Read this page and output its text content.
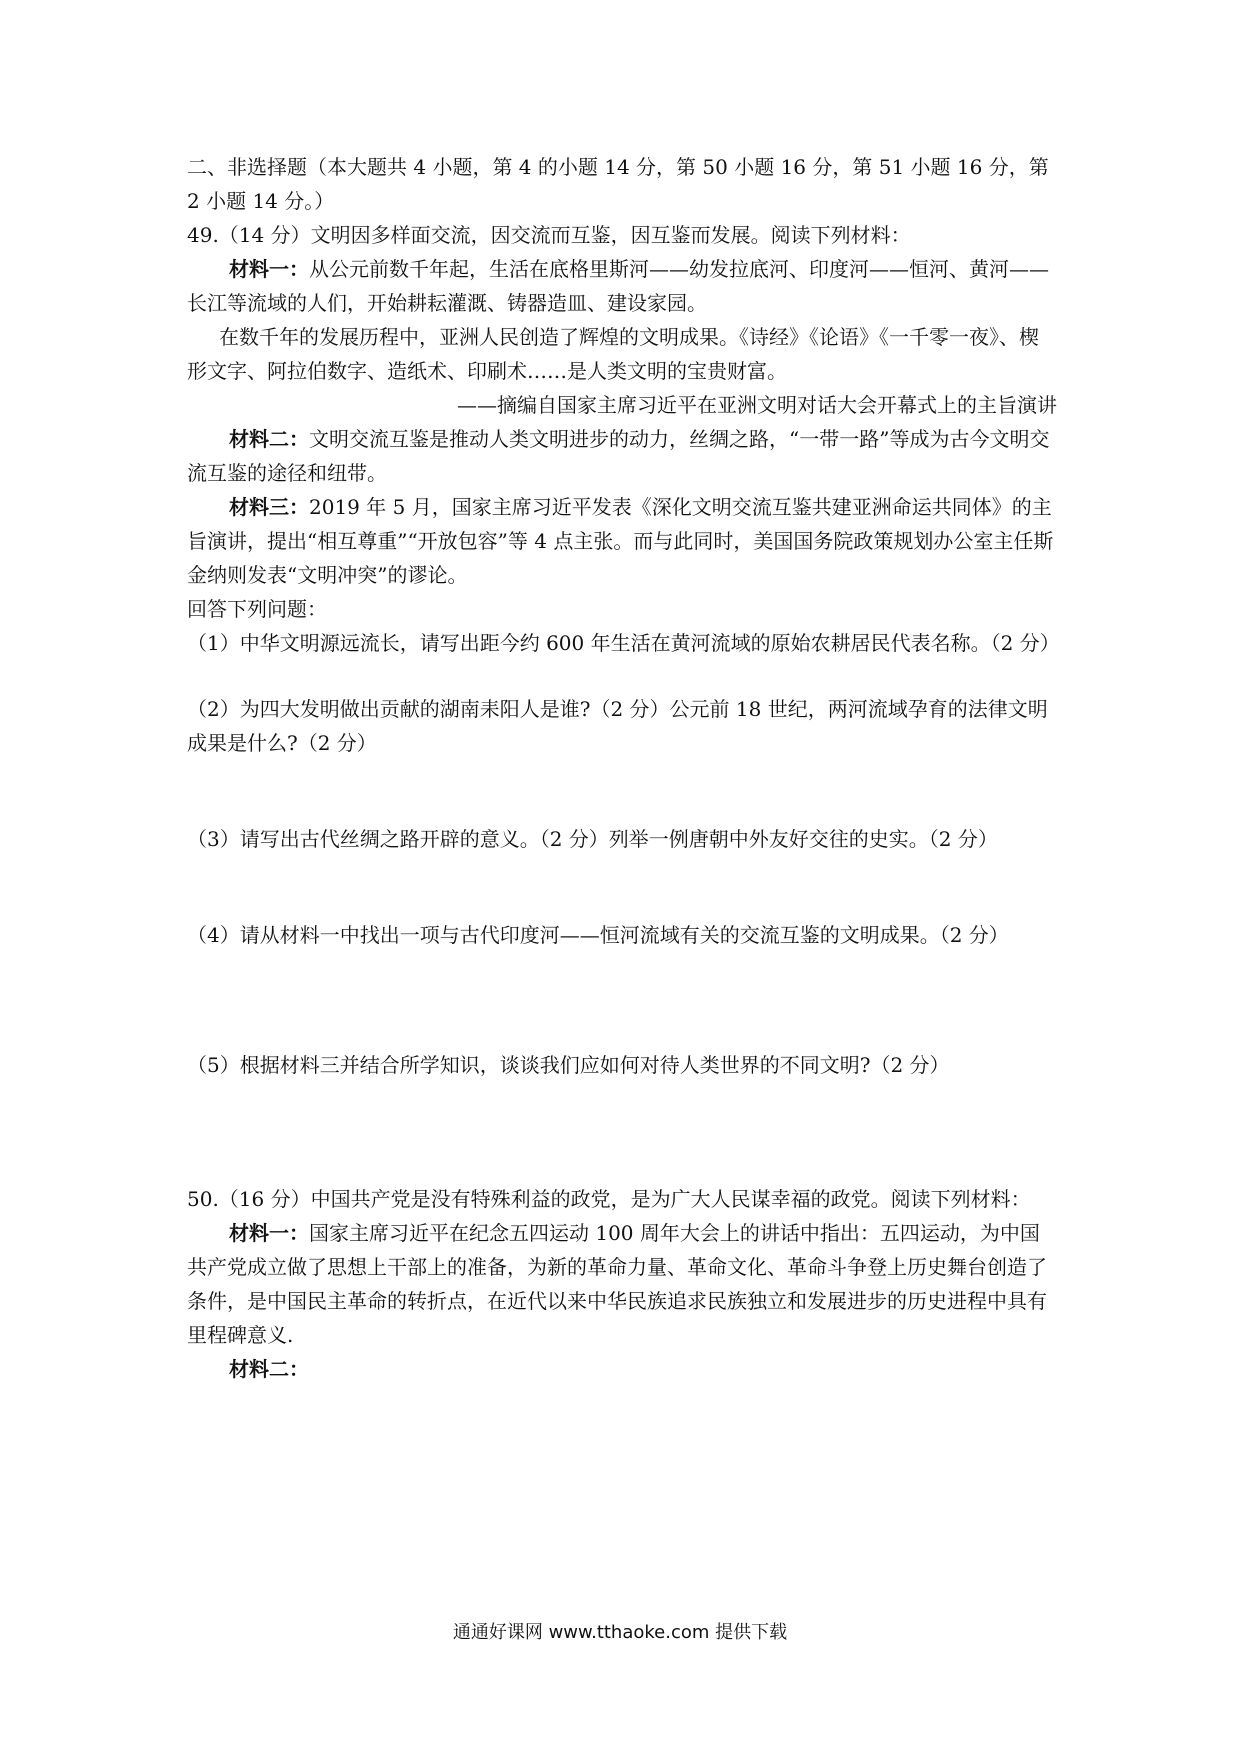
二、非选择题（本大题共 4 小题，第 4 的小题 14 分，第 50 小题 16 分，第 51 小题 16 分，第 2 小题 14 分。）

49.（14 分）文明因多样面交流，因交流而互鉴，因互鉴而发展。阅读下列材料：

材料一：从公元前数千年起，生活在底格里斯河——幼发拉底河、印度河——恒河、黄河——长江等流域的人们，开始耕耘灌溉、铸器造皿、建设家园。

在数千年的发展历程中，亚洲人民创造了辉煌的文明成果。《诗经》《论语》《一千零一夜》、楔形文字、阿拉伯数字、造纸术、印刷术……是人类文明的宝贵财富。

——摘编自国家主席习近平在亚洲文明对话大会开幕式上的主旨演讲

材料二：文明交流互鉴是推动人类文明进步的动力，丝绸之路，“一带一路”等成为古今文明交流互鉴的途径和纽带。

材料三：2019 年 5 月，国家主席习近平发表《深化文明交流互鉴共建亚洲命运共同体》的主旨演讲，提出“相互尊重”“开放包容”等 4 点主张。而与此同时，美国国务院政策规划办公室主任斯金纳则发表“文明冲突”的谬论。

回答下列问题：

（1）中华文明源远流长，请写出距今约 600 年生活在黄河流域的原始农耕居民代表名称。（2 分）

（2）为四大发明做出贡献的湖南耒阳人是谁?（2 分）公元前 18 世纪，两河流域孕育的法律文明成果是什么?（2 分）

（3）请写出古代丝绸之路开辟的意义。（2 分）列举一例唐朝中外友好交往的史实。（2 分）

（4）请从材料一中找出一项与古代印度河——恒河流域有关的交流互鉴的文明成果。（2 分）

（5）根据材料三并结合所学知识，谈谈我们应如何对待人类世界的不同文明?（2 分）

50.（16 分）中国共产党是没有特殊利益的政党，是为广大人民谋幸福的政党。阅读下列材料：

材料一：国家主席习近平在纪念五四运动 100 周年大会上的讲话中指出：五四运动，为中国共产党成立做了思想上干部上的准备，为新的革命力量、革命文化、革命斗争登上历史舞台创造了条件，是中国民主革命的转折点，在近代以来中华民族追求民族独立和发展进步的历史进程中具有里程碑意义.

材料二：

通通好课网 www.tthaoke.com 提供下载
